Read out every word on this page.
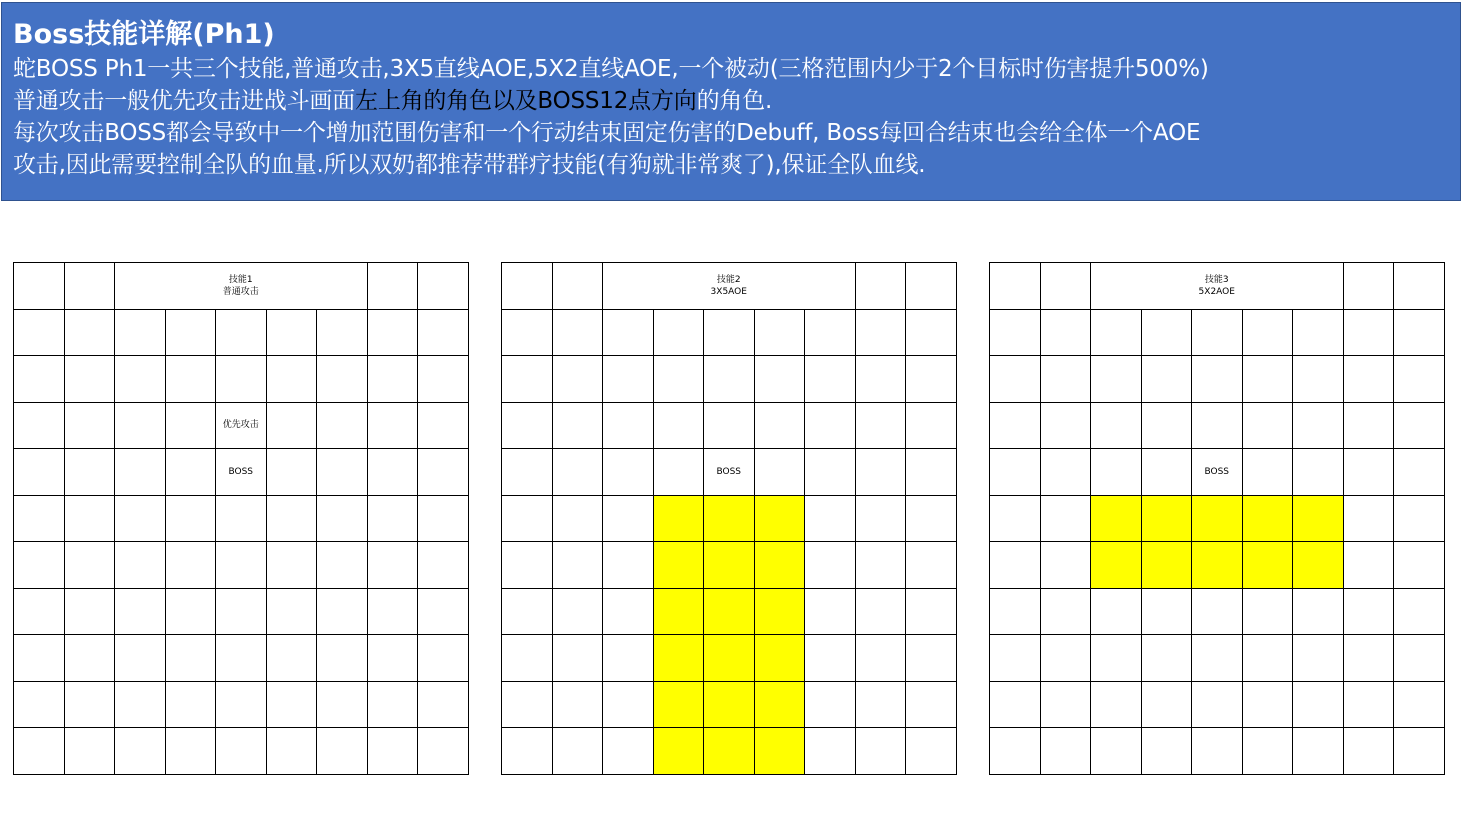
Boss技能详解(Ph1)
蛇BOSS Ph1一共三个技能,普通攻击,3X5直线AOE,5X2直线AOE,一个被动(三格范围内少于2个目标时伤害提升500%)
普通攻击一般优先攻击进战斗画面左上角的角色以及BOSS12点方向的角色.
每次攻击BOSS都会导致中一个增加范围伤害和一个行动结束固定伤害的Debuff, Boss每回合结束也会给全体一个AOE
攻击,因此需要控制全队的血量.所以双奶都推荐带群疗技能(有狗就非常爽了),保证全队血线.

		技能1
普通攻击						

				优先攻击				
				BOSS				

		技能2
3X5AOE						

				BOSS				

		技能3
5X2AOE						

				BOSS				
